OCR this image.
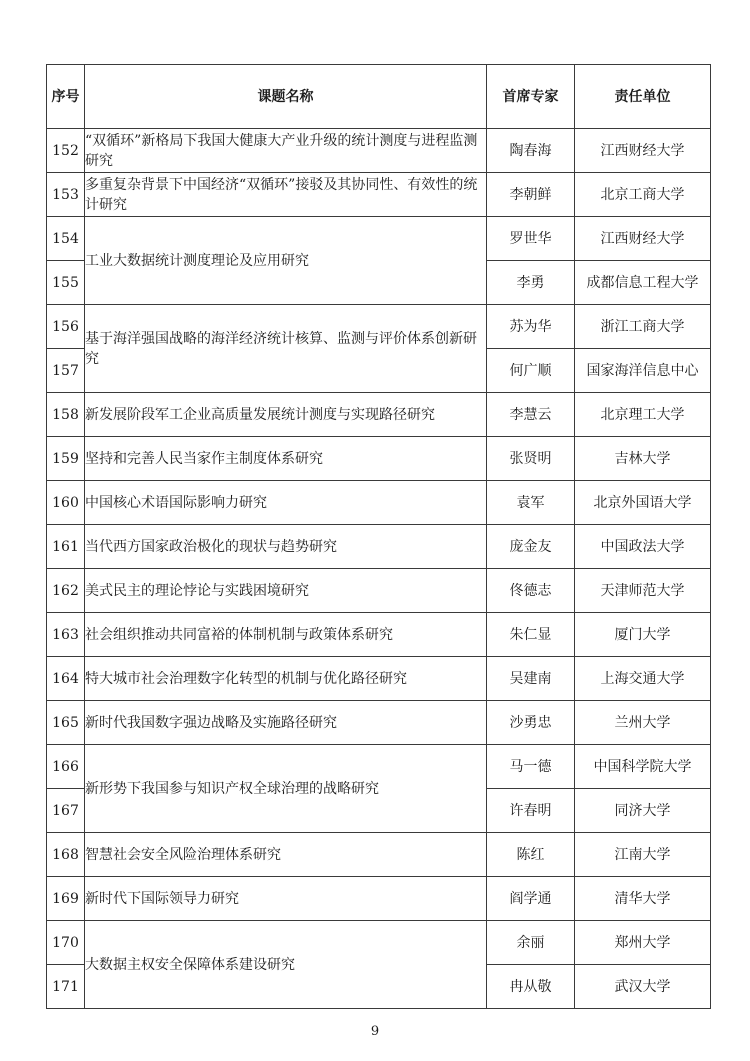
序号	课题名称	首席专家	责任单位
152	“双循环”新格局下我国大健康大产业升级的统计测度与进程监测研究	陶春海	江西财经大学
153	多重复杂背景下中国经济“双循环”接驳及其协同性、有效性的统计研究	李朝鲜	北京工商大学
154	工业大数据统计测度理论及应用研究	罗世华	江西财经大学
155		李勇	成都信息工程大学
156	基于海洋强国战略的海洋经济统计核算、监测与评价体系创新研究	苏为华	浙江工商大学
157		何广顺	国家海洋信息中心
158	新发展阶段军工企业高质量发展统计测度与实现路径研究	李慧云	北京理工大学
159	坚持和完善人民当家作主制度体系研究	张贤明	吉林大学
160	中国核心术语国际影响力研究	袁军	北京外国语大学
161	当代西方国家政治极化的现状与趋势研究	庞金友	中国政法大学
162	美式民主的理论悖论与实践困境研究	佟德志	天津师范大学
163	社会组织推动共同富裕的体制机制与政策体系研究	朱仁显	厦门大学
164	特大城市社会治理数字化转型的机制与优化路径研究	吴建南	上海交通大学
165	新时代我国数字强边战略及实施路径研究	沙勇忠	兰州大学
166	新形势下我国参与知识产权全球治理的战略研究	马一德	中国科学院大学
167		许春明	同济大学
168	智慧社会安全风险治理体系研究	陈红	江南大学
169	新时代下国际领导力研究	阎学通	清华大学
170	大数据主权安全保障体系建设研究	余丽	郑州大学
171		冉从敬	武汉大学
9
